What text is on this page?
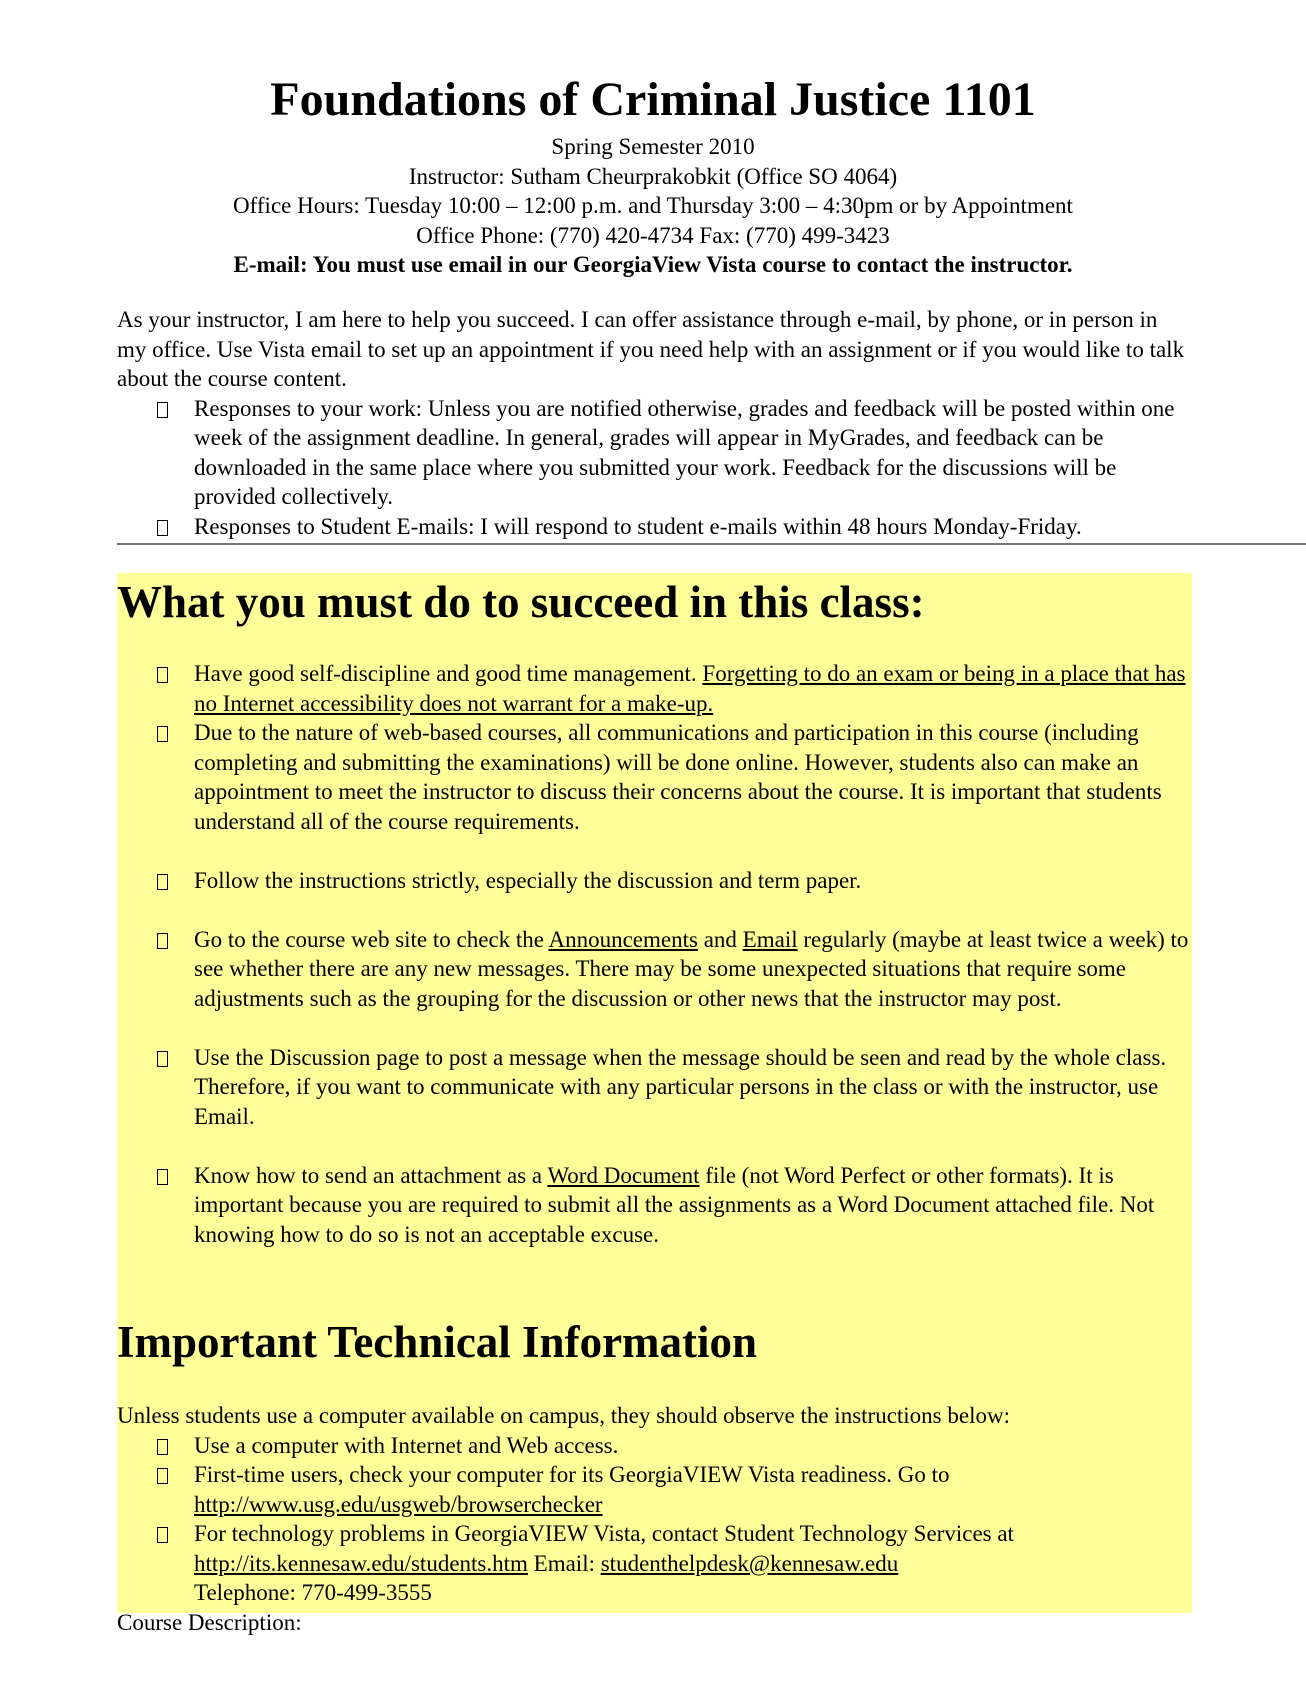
Foundations of Criminal Justice 1101

Spring Semester 2010

Instructor: Sutham Cheurprakobkit (Office SO 4064)

Office Hours: Tuesday 10:00 – 12:00 p.m. and Thursday 3:00 – 4:30pm or by Appointment

Office Phone: (770) 420-4734 Fax: (770) 499-3423

E-mail: You must use email in our GeorgiaView Vista course to contact the instructor.

As your instructor, I am here to help you succeed. I can offer assistance through e-mail, by phone, or in person in my office. Use Vista email to set up an appointment if you need help with an assignment or if you would like to talk about the course content.

Responses to your work: Unless you are notified otherwise, grades and feedback will be posted within one week of the assignment deadline. In general, grades will appear in MyGrades, and feedback can be downloaded in the same place where you submitted your work. Feedback for the discussions will be provided collectively.
Responses to Student E-mails: I will respond to student e-mails within 48 hours Monday-Friday.
What you must do to succeed in this class:
Have good self-discipline and good time management. Forgetting to do an exam or being in a place that has no Internet accessibility does not warrant for a make-up.
Due to the nature of web-based courses, all communications and participation in this course (including completing and submitting the examinations) will be done online. However, students also can make an appointment to meet the instructor to discuss their concerns about the course. It is important that students understand all of the course requirements.
Follow the instructions strictly, especially the discussion and term paper.
Go to the course web site to check the Announcements and Email regularly (maybe at least twice a week) to see whether there are any new messages. There may be some unexpected situations that require some adjustments such as the grouping for the discussion or other news that the instructor may post.
Use the Discussion page to post a message when the message should be seen and read by the whole class. Therefore, if you want to communicate with any particular persons in the class or with the instructor, use Email.
Know how to send an attachment as a Word Document file (not Word Perfect or other formats). It is important because you are required to submit all the assignments as a Word Document attached file. Not knowing how to do so is not an acceptable excuse.
Important Technical Information

Unless students use a computer available on campus, they should observe the instructions below:

Use a computer with Internet and Web access.
First-time users, check your computer for its GeorgiaVIEW Vista readiness. Go to http://www.usg.edu/usgweb/browserchecker
For technology problems in GeorgiaVIEW Vista, contact Student Technology Services at http://its.kennesaw.edu/students.htm Email: studenthelpdesk@kennesaw.edu
Telephone: 770-499-3555
Course Description:
